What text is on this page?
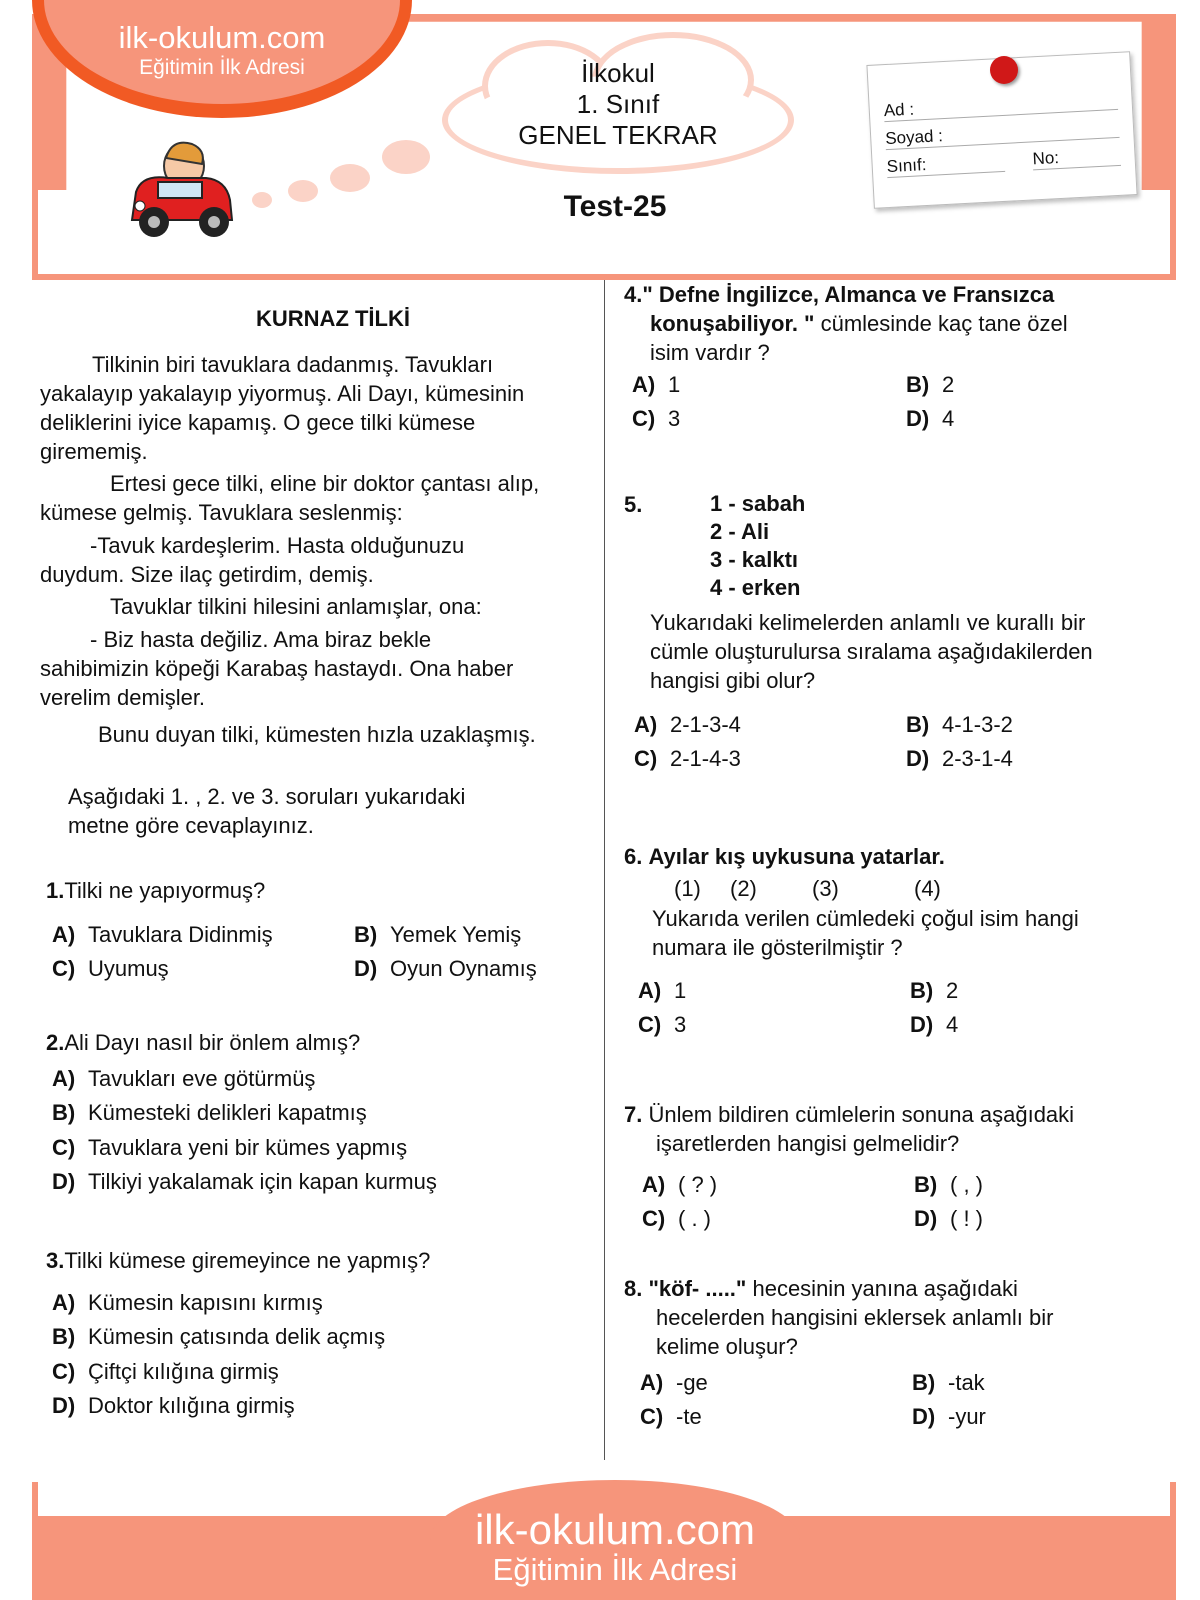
ilk-okulum.com
Eğitimin İlk Adresi	İlkokul
1. Sınıf
GENEL TEKRAR
Ad :
Soyad :
Sınıf:	No:
Test-25
KURNAZ TİLKİ
Tilkinin biri tavuklara dadanmış. Tavukları
yakalayıp yakalayıp yiyormuş. Ali Dayı, kümesinin
deliklerini iyice kapamış. O gece tilki kümese
girememiş.
Ertesi gece tilki, eline bir doktor çantası alıp,
kümese gelmiş. Tavuklara seslenmiş:
-Tavuk kardeşlerim. Hasta olduğunuzu
duydum. Size ilaç getirdim, demiş.
Tavuklar tilkini hilesini anlamışlar, ona:
- Biz hasta değiliz. Ama biraz bekle
sahibimizin köpeği Karabaş hastaydı. Ona haber
verelim demişler.
Bunu duyan tilki, kümesten hızla uzaklaşmış.
Aşağıdaki 1. , 2. ve 3. soruları yukarıdaki
metne göre cevaplayınız.
1.Tilki ne yapıyormuş?
A) Tavuklara Didinmiş	B) Yemek Yemiş
C) Uyumuş	D) Oyun Oynamış
2.Ali Dayı nasıl bir önlem almış?
A) Tavukları eve götürmüş
B) Kümesteki delikleri kapatmış
C) Tavuklara yeni bir kümes yapmış
D) Tilkiyi yakalamak için kapan kurmuş
3.Tilki kümese giremeyince ne yapmış?
A) Kümesin kapısını kırmış
B) Kümesin çatısında delik açmış
C) Çiftçi kılığına girmiş
D) Doktor kılığına girmiş
4." Defne İngilizce, Almanca ve Fransızca
konuşabiliyor. " cümlesinde kaç tane özel
isim vardır ?
A) 1	B) 2
C) 3	D) 4
5.	1 - sabah
2 - Ali
3 - kalktı
4 - erken
Yukarıdaki kelimelerden anlamlı ve kurallı bir
cümle oluşturulursa sıralama aşağıdakilerden
hangisi gibi olur?
A) 2-1-3-4	B) 4-1-3-2
C) 2-1-4-3	D) 2-3-1-4
6. Ayılar kış uykusuna yatarlar.
(1) (2)	(3)	(4)
Yukarıda verilen cümledeki çoğul isim hangi
numara ile gösterilmiştir ?
A) 1	B) 2
C) 3	D) 4
7. Ünlem bildiren cümlelerin sonuna aşağıdaki
işaretlerden hangisi gelmelidir?
A) ( ? )	B) ( , )
C) ( . )	D) ( ! )
8. "köf- ....." hecesinin yanına aşağıdaki
hecelerden hangisini eklersek anlamlı bir
kelime oluşur?
A) -ge	B) -tak
C) -te	D) -yur
ilk-okulum.com
Eğitimin İlk Adresi
